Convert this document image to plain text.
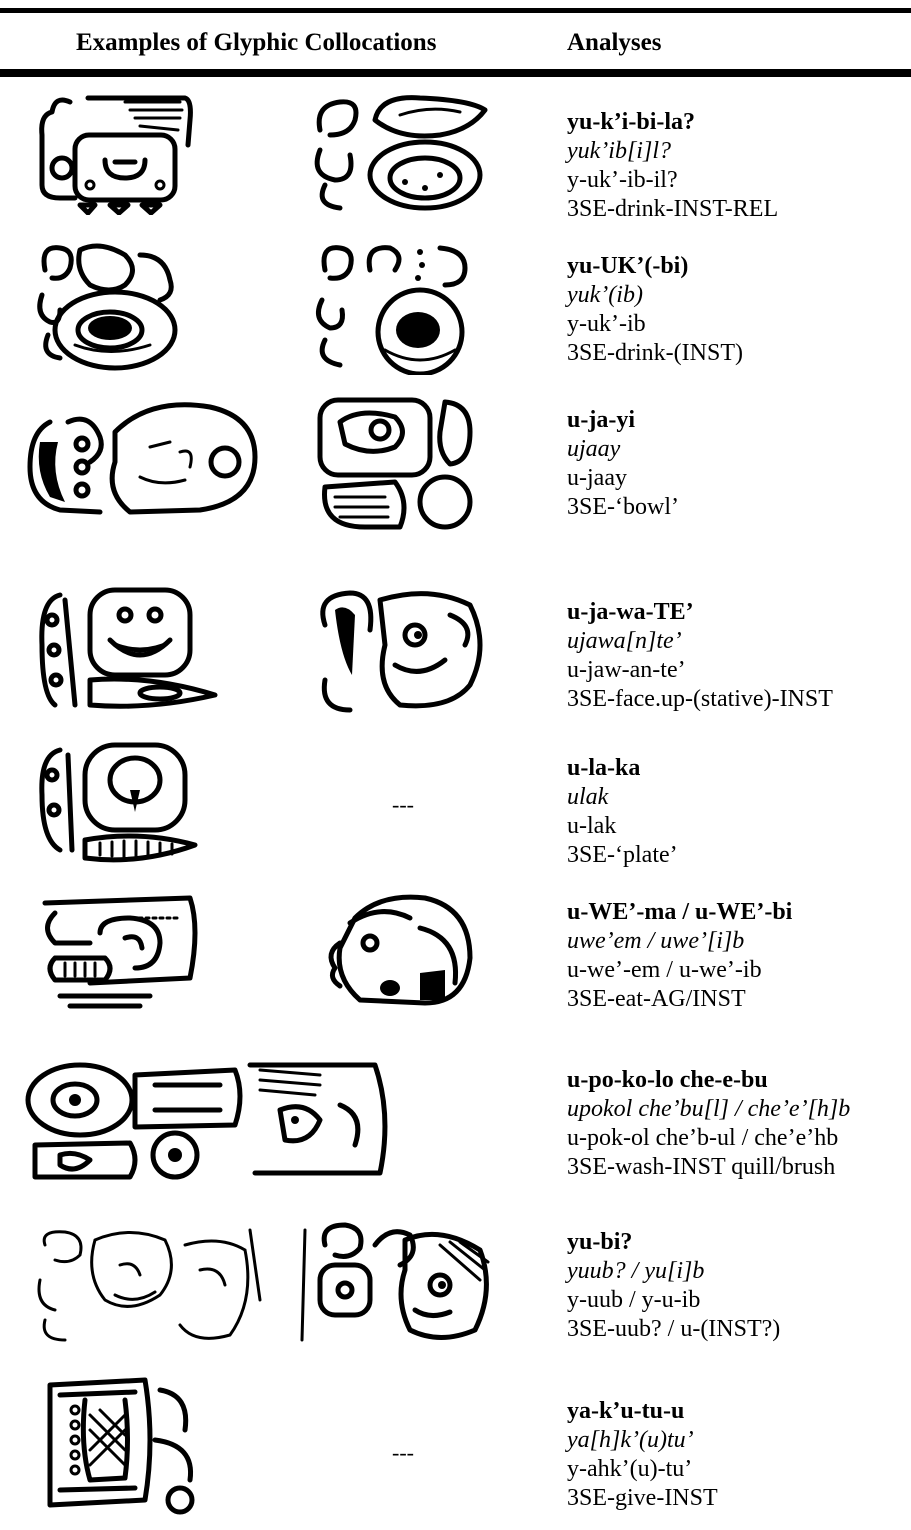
Examples of Glyphic Collocations	Analyses
yu-k’i-bi-la?
yuk’ib[i]l?
y-uk’-ib-il?
3SE-drink-INST-REL
yu-UK’(-bi)
yuk’(ib)
y-uk’-ib
3SE-drink-(INST)
u-ja-yi
ujaay
u-jaay
3SE-‘bowl’
u-ja-wa-TE’
ujawa[n]te’
u-jaw-an-te’
3SE-face.up-(stative)-INST
---
u-la-ka
ulak
u-lak
3SE-‘plate’
u-WE’-ma / u-WE’-bi
uwe’em / uwe’[i]b
u-we’-em / u-we’-ib
3SE-eat-AG/INST
u-po-ko-lo che-e-bu
upokol che’bu[l] / che’e’[h]b
u-pok-ol che’b-ul / che’e’hb
3SE-wash-INST quill/brush
yu-bi?
yuub? / yu[i]b
y-uub / y-u-ib
3SE-uub? / u-(INST?)
---
ya-k’u-tu-u
ya[h]k’(u)tu’
y-ahk’(u)-tu’
3SE-give-INST
